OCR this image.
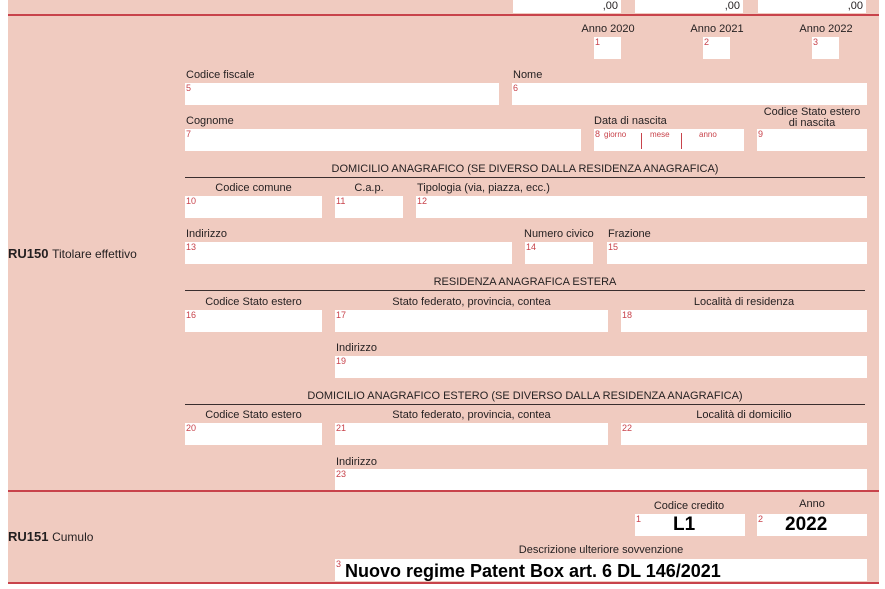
,00	,00	,00
Anno 2020	Anno 2021	Anno 2022
1	2	3
RU150 Titolare effettivo
Codice fiscale
5
Nome
6
Cognome
7
Data di nascita
8 giorno	mese	anno
Codice Stato estero di nascita
9
DOMICILIO ANAGRAFICO (SE DIVERSO DALLA RESIDENZA ANAGRAFICA)
Codice comune
10
C.a.p.
11
Tipologia (via, piazza, ecc.)
12
Indirizzo
13
Numero civico
14
Frazione
15
RESIDENZA ANAGRAFICA ESTERA
Codice Stato estero
16
Stato federato, provincia, contea
17
Località di residenza
18
Indirizzo
19
DOMICILIO ANAGRAFICO ESTERO (SE DIVERSO DALLA RESIDENZA ANAGRAFICA)
Codice Stato estero
20
Stato federato, provincia, contea
21
Località di domicilio
22
Indirizzo
23
RU151 Cumulo
Codice credito
1 L1
Anno
2 2022
Descrizione ulteriore sovvenzione
3 Nuovo regime Patent Box art. 6 DL 146/2021
